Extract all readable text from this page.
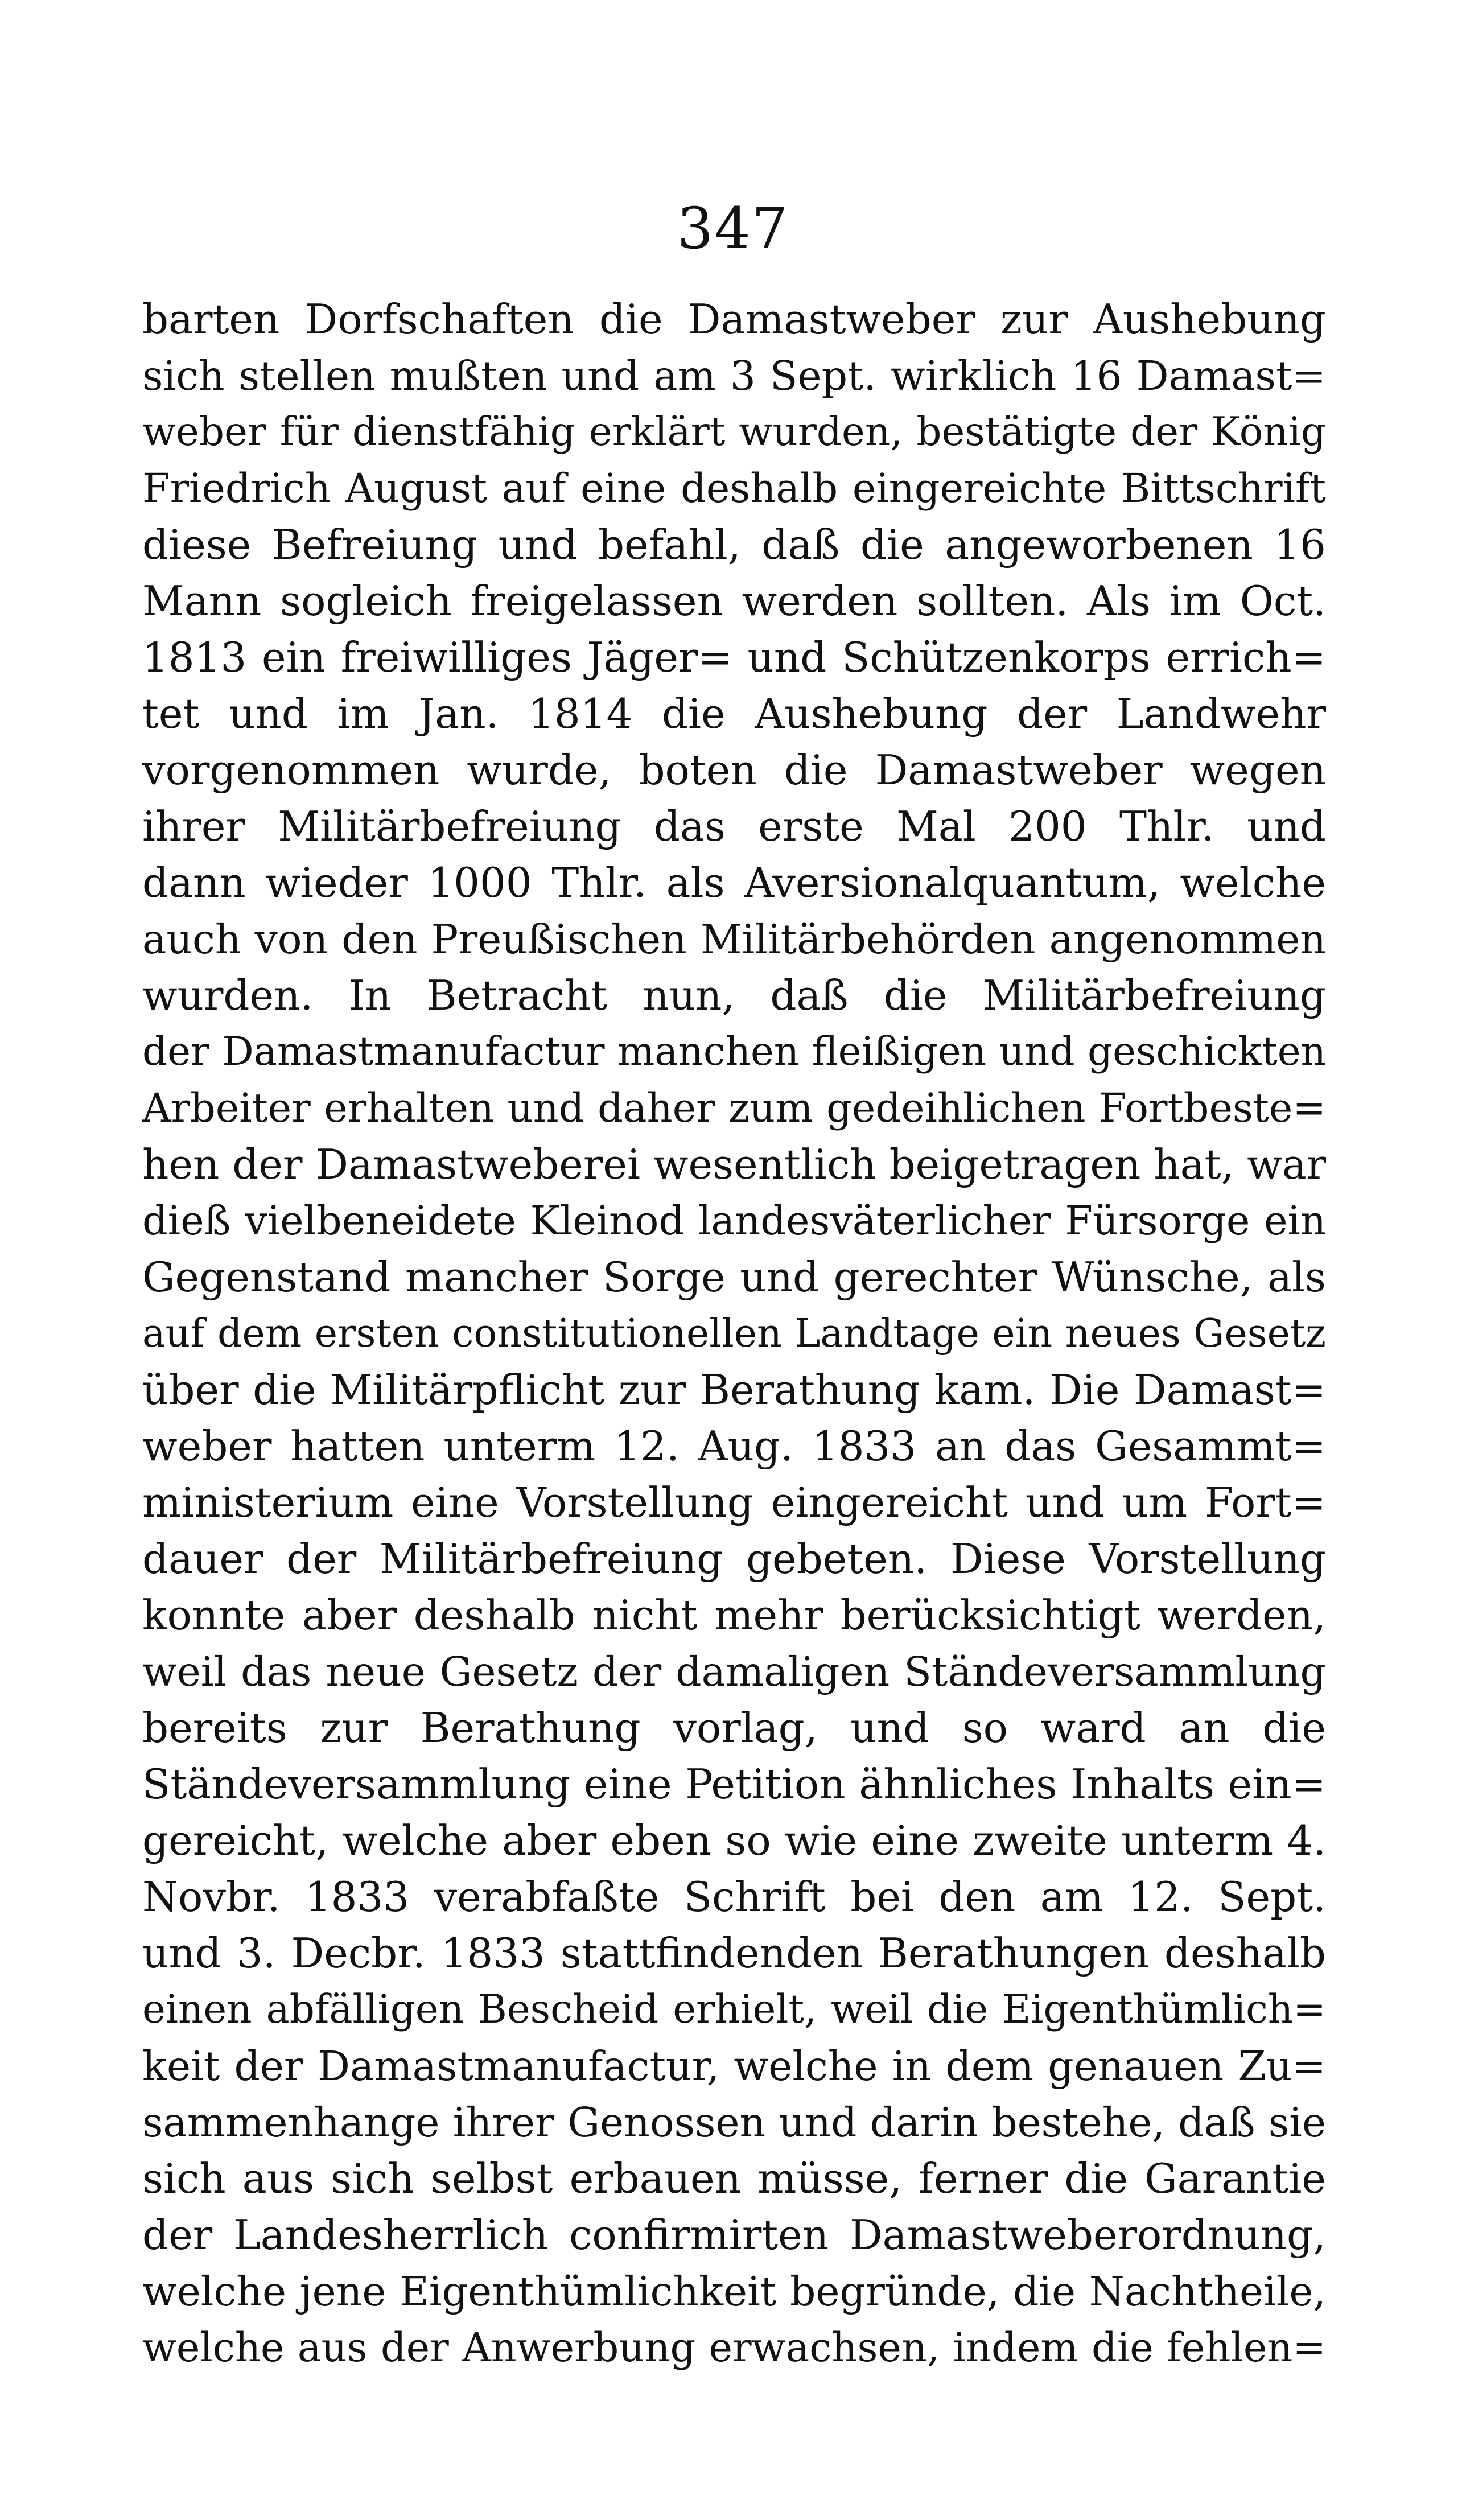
347
barten Dorfschaften die Damastweber zur Aushebung
sich stellen mußten und am 3 Sept. wirklich 16 Damast=
weber für dienstfähig erklärt wurden, bestätigte der König
Friedrich August auf eine deshalb eingereichte Bittschrift
diese Befreiung und befahl, daß die angeworbenen 16
Mann sogleich freigelassen werden sollten. Als im Oct.
1813 ein freiwilliges Jäger= und Schützenkorps errich=
tet und im Jan. 1814 die Aushebung der Landwehr
vorgenommen wurde, boten die Damastweber wegen
ihrer Militärbefreiung das erste Mal 200 Thlr. und
dann wieder 1000 Thlr. als Aversionalquantum, welche
auch von den Preußischen Militärbehörden angenommen
wurden. In Betracht nun, daß die Militärbefreiung
der Damastmanufactur manchen fleißigen und geschickten
Arbeiter erhalten und daher zum gedeihlichen Fortbeste=
hen der Damastweberei wesentlich beigetragen hat, war
dieß vielbeneidete Kleinod landesväterlicher Fürsorge ein
Gegenstand mancher Sorge und gerechter Wünsche, als
auf dem ersten constitutionellen Landtage ein neues Gesetz
über die Militärpflicht zur Berathung kam. Die Damast=
weber hatten unterm 12. Aug. 1833 an das Gesammt=
ministerium eine Vorstellung eingereicht und um Fort=
dauer der Militärbefreiung gebeten. Diese Vorstellung
konnte aber deshalb nicht mehr berücksichtigt werden,
weil das neue Gesetz der damaligen Ständeversammlung
bereits zur Berathung vorlag, und so ward an die
Ständeversammlung eine Petition ähnliches Inhalts ein=
gereicht, welche aber eben so wie eine zweite unterm 4.
Novbr. 1833 verabfaßte Schrift bei den am 12. Sept.
und 3. Decbr. 1833 stattfindenden Berathungen deshalb
einen abfälligen Bescheid erhielt, weil die Eigenthümlich=
keit der Damastmanufactur, welche in dem genauen Zu=
sammenhange ihrer Genossen und darin bestehe, daß sie
sich aus sich selbst erbauen müsse, ferner die Garantie
der Landesherrlich confirmirten Damastweberordnung,
welche jene Eigenthümlichkeit begründe, die Nachtheile,
welche aus der Anwerbung erwachsen, indem die fehlen=
